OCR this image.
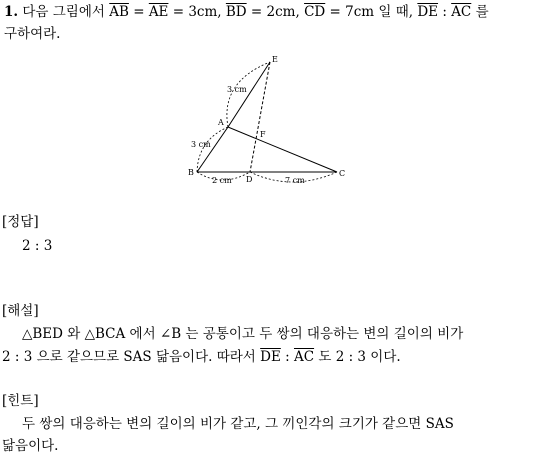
1. 다음 그림에서 $\overline{AB} = \overline{AE} = 3cm$, $\overline{BD} = 2cm$, $\overline{CD} = 7cm$ 일 때, $\overline{DE}$ : $\overline{AC}$ 를
구하여라.
E
A
F
B
D
C
3 cm
3 cm
2 cm	7 cm
[정답]
2 : 3
[해설]
△BED 와 △BCA 에서 ∠B 는 공통이고 두 쌍의 대응하는 변의 길이의 비가
2 : 3 으로 같으므로 SAS 닮음이다. 따라서 $\overline{DE}$ : $\overline{AC}$ 도 2 : 3 이다.
[힌트]
두 쌍의 대응하는 변의 길이의 비가 같고, 그 끼인각의 크기가 같으면 SAS
닮음이다.
